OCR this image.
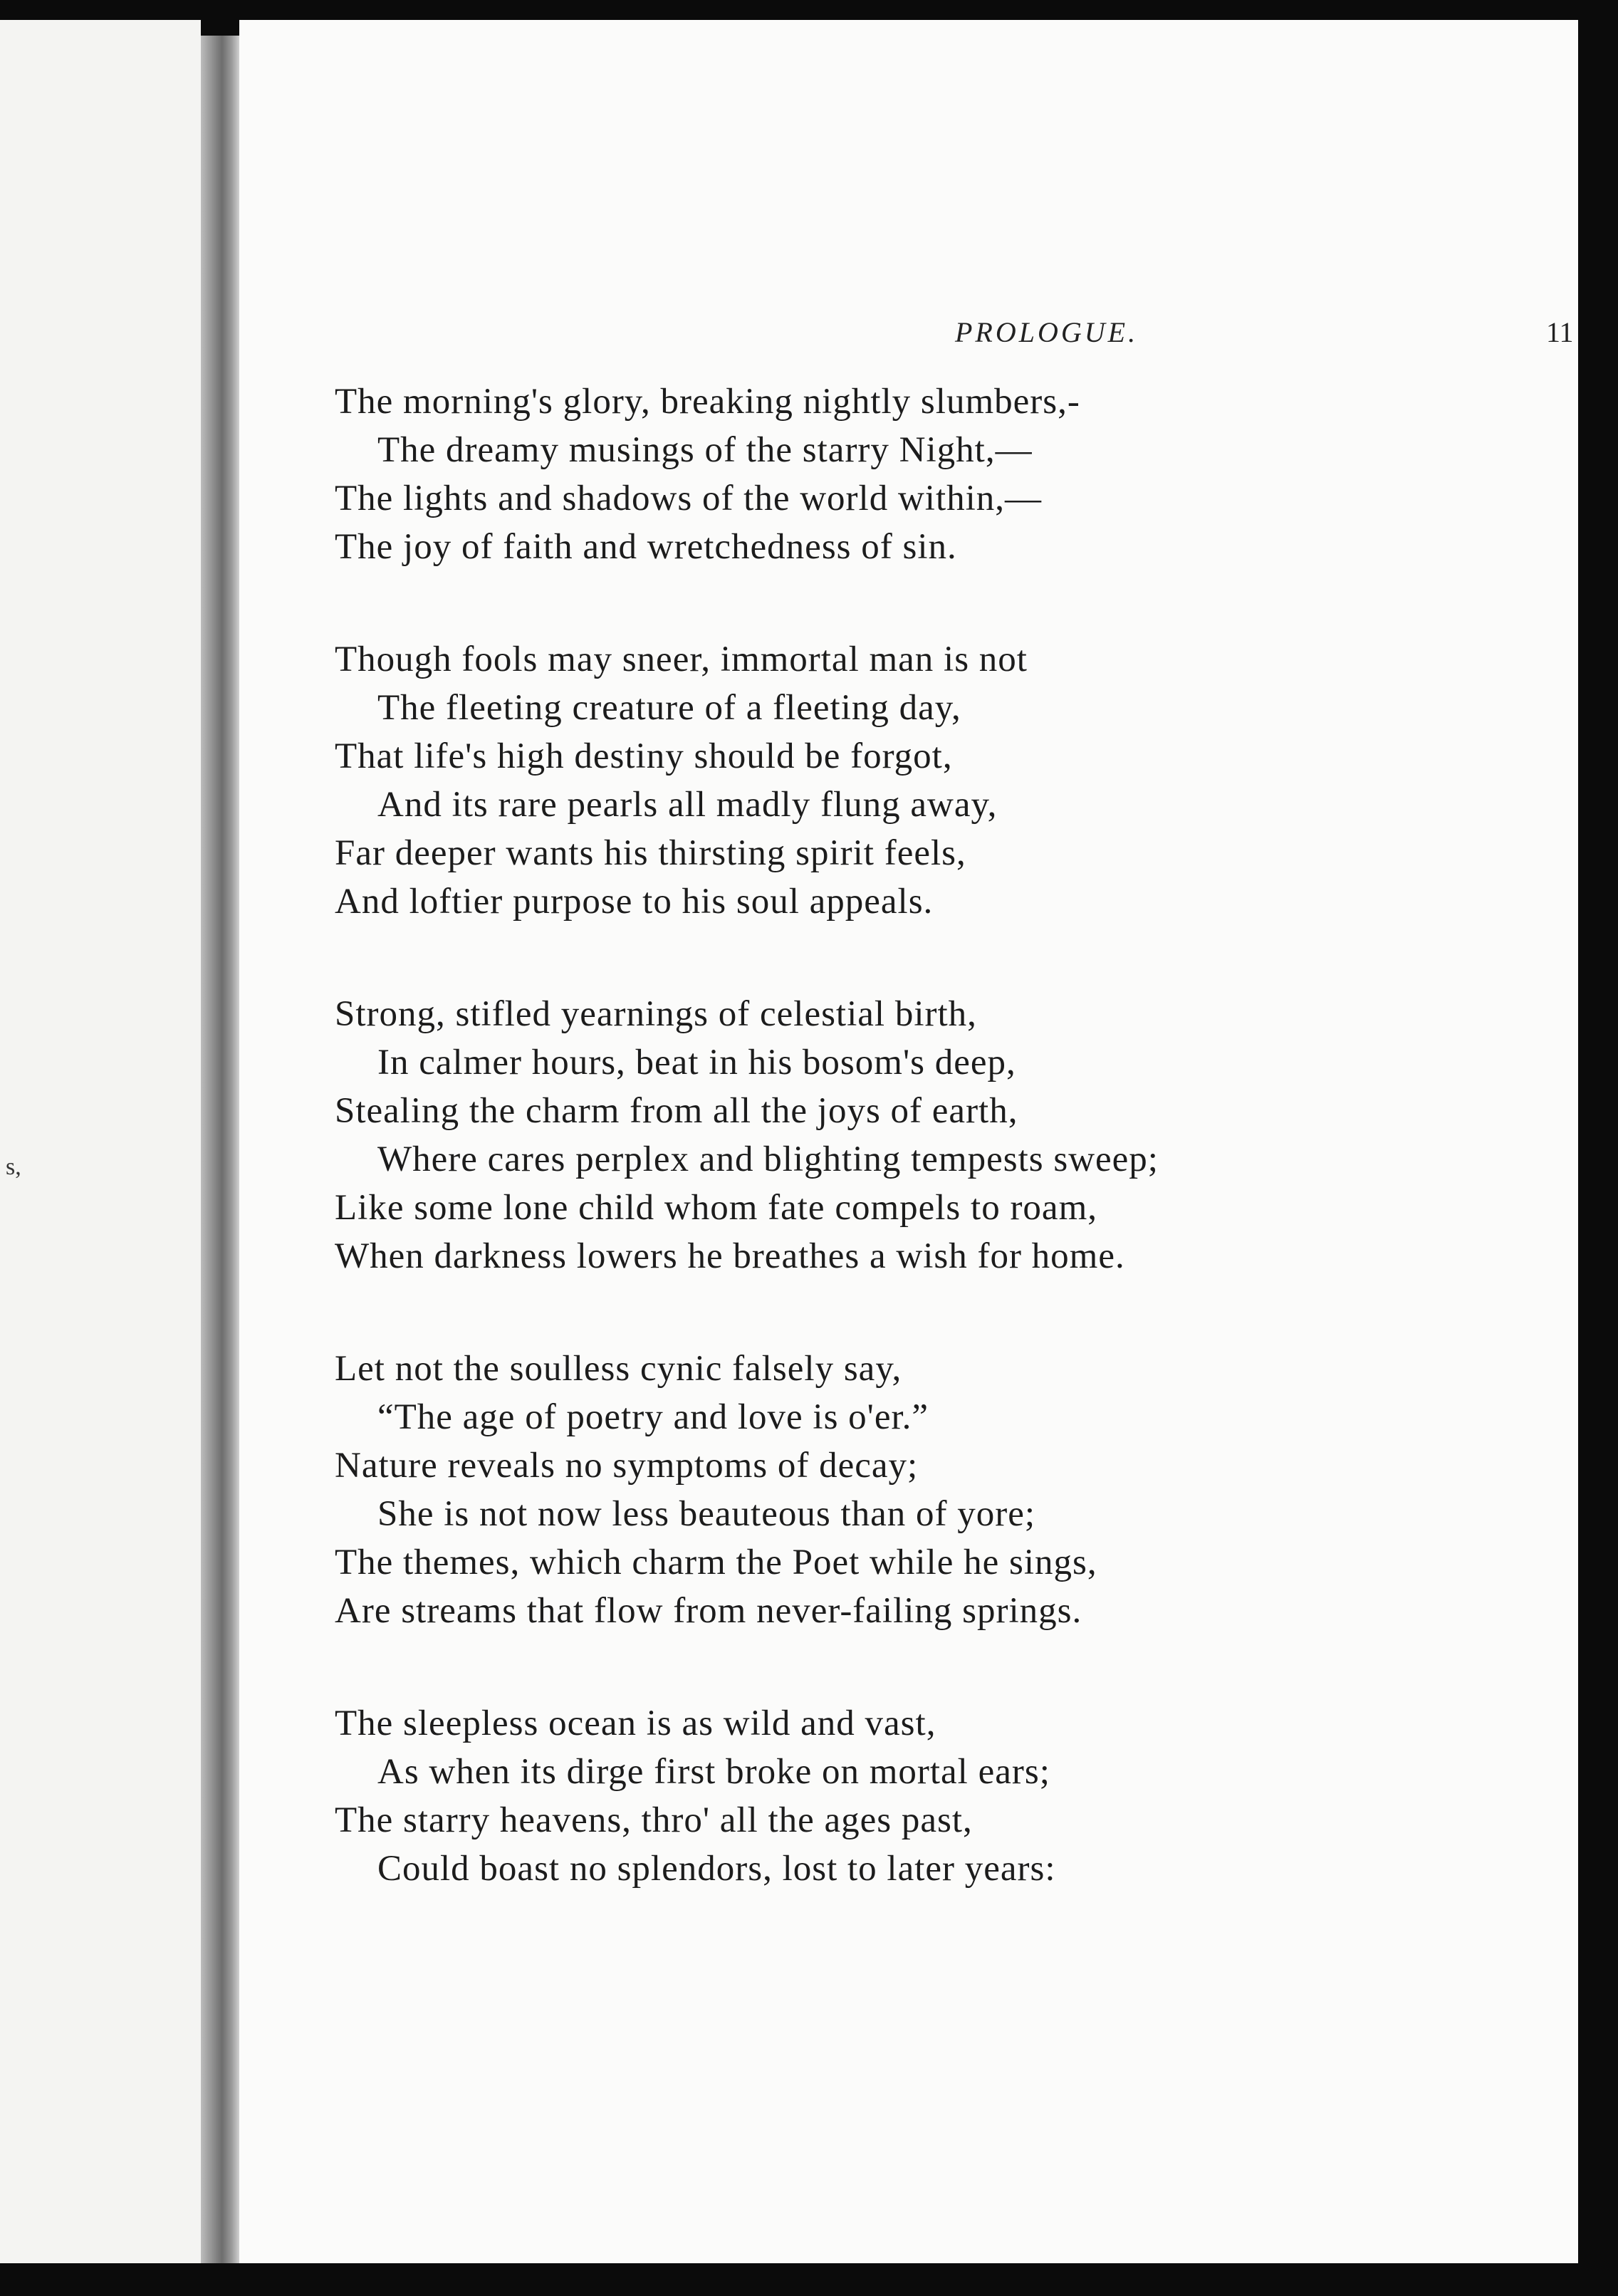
s,
PROLOGUE.	11
The morning's glory, breaking nightly slumbers,-
The dreamy musings of the starry Night,—
The lights and shadows of the world within,—
The joy of faith and wretchedness of sin.
Though fools may sneer, immortal man is not
The fleeting creature of a fleeting day,
That life's high destiny should be forgot,
And its rare pearls all madly flung away,
Far deeper wants his thirsting spirit feels,
And loftier purpose to his soul appeals.
Strong, stifled yearnings of celestial birth,
In calmer hours, beat in his bosom's deep,
Stealing the charm from all the joys of earth,
Where cares perplex and blighting tempests sweep;
Like some lone child whom fate compels to roam,
When darkness lowers he breathes a wish for home.
Let not the soulless cynic falsely say,
“The age of poetry and love is o'er.”
Nature reveals no symptoms of decay;
She is not now less beauteous than of yore;
The themes, which charm the Poet while he sings,
Are streams that flow from never-failing springs.
The sleepless ocean is as wild and vast,
As when its dirge first broke on mortal ears;
The starry heavens, thro' all the ages past,
Could boast no splendors, lost to later years:
